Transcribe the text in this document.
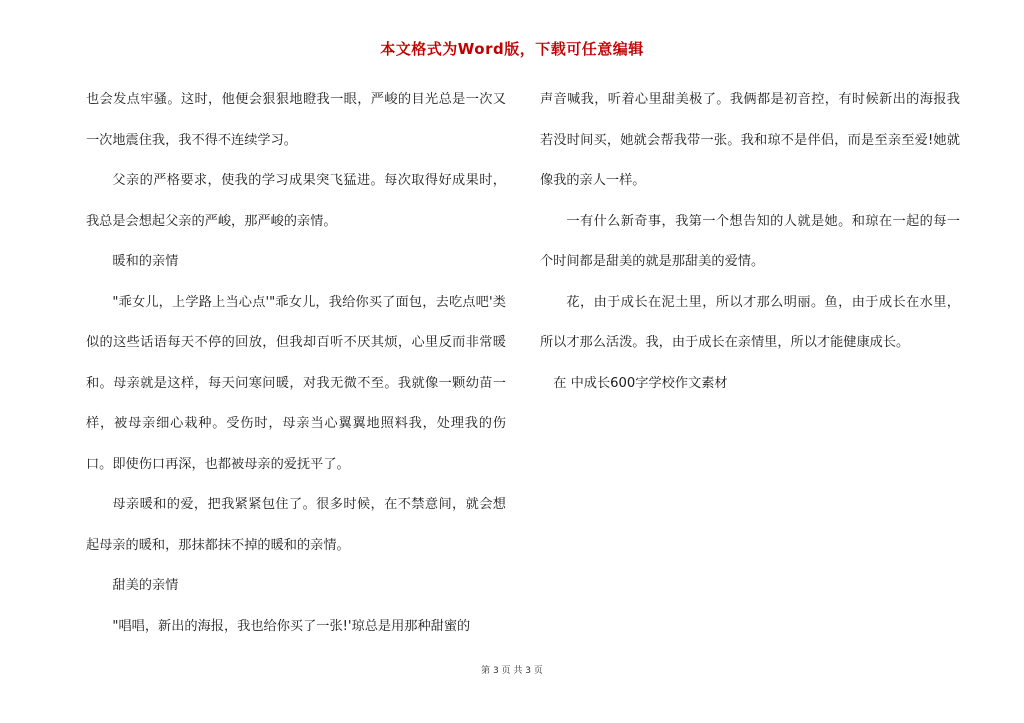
本文格式为Word版，下载可任意编辑

也会发点牢骚。这时，他便会狠狠地瞪我一眼，严峻的目光总是一次又一次地震住我，我不得不连续学习。

父亲的严格要求，使我的学习成果突飞猛进。每次取得好成果时，我总是会想起父亲的严峻，那严峻的亲情。

暖和的亲情

"乖女儿，上学路上当心点'"乖女儿，我给你买了面包，去吃点吧'类似的这些话语每天不停的回放，但我却百听不厌其烦，心里反而非常暖和。母亲就是这样，每天问寒问暖，对我无微不至。我就像一颗幼苗一样，被母亲细心栽种。受伤时，母亲当心翼翼地照料我，处理我的伤口。即使伤口再深，也都被母亲的爱抚平了。

母亲暖和的爱，把我紧紧包住了。很多时候，在不禁意间，就会想起母亲的暖和，那抹都抹不掉的暖和的亲情。

甜美的亲情

"唱唱，新出的海报，我也给你买了一张!'琼总是用那种甜蜜的

声音喊我，听着心里甜美极了。我俩都是初音控，有时候新出的海报我若没时间买，她就会帮我带一张。我和琼不是伴侣，而是至亲至爱!她就像我的亲人一样。

一有什么新奇事，我第一个想告知的人就是她。和琼在一起的每一个时间都是甜美的就是那甜美的爱情。

花，由于成长在泥土里，所以才那么明丽。鱼，由于成长在水里，所以才那么活泼。我，由于成长在亲情里，所以才能健康成长。

在 中成长600字学校作文素材

第 3 页 共 3 页
